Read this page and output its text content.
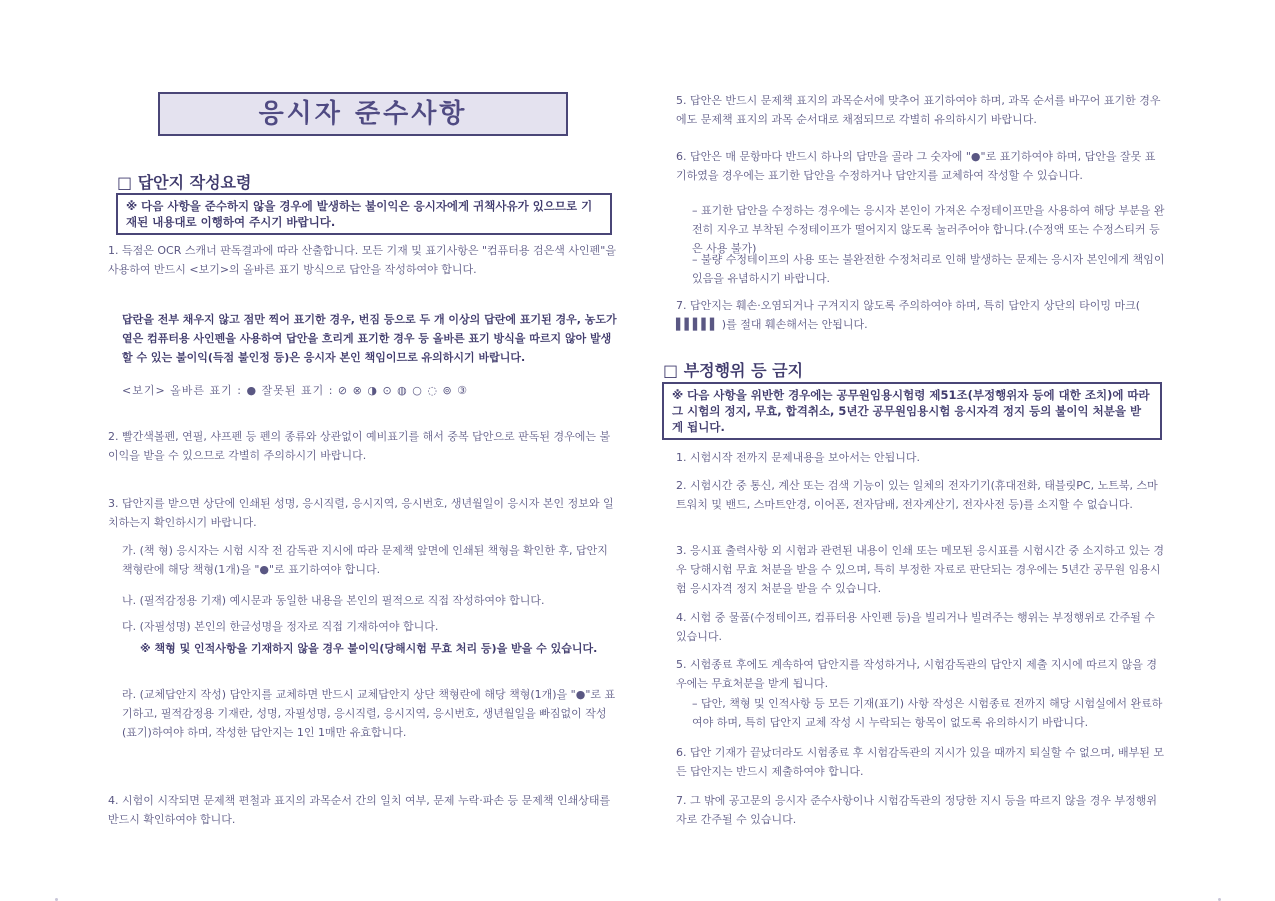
응시자 준수사항
□ 답안지 작성요령
※ 다음 사항을 준수하지 않을 경우에 발생하는 불이익은 응시자에게 귀책사유가 있으므로 기재된 내용대로 이행하여 주시기 바랍니다.
1. 득점은 OCR 스캐너 판독결과에 따라 산출합니다. 모든 기재 및 표기사항은 "컴퓨터용 검은색 사인펜"을 사용하여 반드시 <보기>의 올바른 표기 방식으로 답안을 작성하여야 합니다.
답란을 전부 채우지 않고 점만 찍어 표기한 경우, 번짐 등으로 두 개 이상의 답란에 표기된 경우, 농도가 옅은 컴퓨터용 사인펜을 사용하여 답안을 흐리게 표기한 경우 등 올바른 표기 방식을 따르지 않아 발생할 수 있는 불이익(득점 불인정 등)은 응시자 본인 책임이므로 유의하시기 바랍니다.
<보기> 올바른 표기 : ● 잘못된 표기 : ⊘ ⊗ ◑ ⊙ ◍ ○ ◌ ⊚ ③
2. 빨간색볼펜, 연필, 샤프펜 등 펜의 종류와 상관없이 예비표기를 해서 중복 답안으로 판독된 경우에는 불이익을 받을 수 있으므로 각별히 주의하시기 바랍니다.
3. 답안지를 받으면 상단에 인쇄된 성명, 응시직렬, 응시지역, 응시번호, 생년월일이 응시자 본인 정보와 일치하는지 확인하시기 바랍니다.
가. (책 형) 응시자는 시험 시작 전 감독관 지시에 따라 문제책 앞면에 인쇄된 책형을 확인한 후, 답안지 책형란에 해당 책형(1개)을 "●"로 표기하여야 합니다.
나. (필적감정용 기재) 예시문과 동일한 내용을 본인의 필적으로 직접 작성하여야 합니다.
다. (자필성명) 본인의 한글성명을 정자로 직접 기재하여야 합니다.
※ 책형 및 인적사항을 기재하지 않을 경우 불이익(당해시험 무효 처리 등)을 받을 수 있습니다.
라. (교체답안지 작성) 답안지를 교체하면 반드시 교체답안지 상단 책형란에 해당 책형(1개)을 "●"로 표기하고, 필적감정용 기재란, 성명, 자필성명, 응시직렬, 응시지역, 응시번호, 생년월일을 빠짐없이 작성(표기)하여야 하며, 작성한 답안지는 1인 1매만 유효합니다.
4. 시험이 시작되면 문제책 편철과 표지의 과목순서 간의 일치 여부, 문제 누락·파손 등 문제책 인쇄상태를 반드시 확인하여야 합니다.
5. 답안은 반드시 문제책 표지의 과목순서에 맞추어 표기하여야 하며, 과목 순서를 바꾸어 표기한 경우에도 문제책 표지의 과목 순서대로 채점되므로 각별히 유의하시기 바랍니다.
6. 답안은 매 문항마다 반드시 하나의 답만을 골라 그 숫자에 "●"로 표기하여야 하며, 답안을 잘못 표기하였을 경우에는 표기한 답안을 수정하거나 답안지를 교체하여 작성할 수 있습니다.
– 표기한 답안을 수정하는 경우에는 응시자 본인이 가져온 수정테이프만을 사용하여 해당 부분을 완전히 지우고 부착된 수정테이프가 떨어지지 않도록 눌러주어야 합니다.(수정액 또는 수정스티커 등은 사용 불가)
– 불량 수정테이프의 사용 또는 불완전한 수정처리로 인해 발생하는 문제는 응시자 본인에게 책임이 있음을 유념하시기 바랍니다.
7. 답안지는 훼손·오염되거나 구겨지지 않도록 주의하여야 하며, 특히 답안지 상단의 타이밍 마크( ▌▌▌▌▌ )를 절대 훼손해서는 안됩니다.
□ 부정행위 등 금지
※ 다음 사항을 위반한 경우에는 공무원임용시험령 제51조(부정행위자 등에 대한 조치)에 따라 그 시험의 정지, 무효, 합격취소, 5년간 공무원임용시험 응시자격 정지 등의 불이익 처분을 받게 됩니다.
1. 시험시작 전까지 문제내용을 보아서는 안됩니다.
2. 시험시간 중 통신, 계산 또는 검색 기능이 있는 일체의 전자기기(휴대전화, 태블릿PC, 노트북, 스마트워치 및 밴드, 스마트안경, 이어폰, 전자담배, 전자계산기, 전자사전 등)를 소지할 수 없습니다.
3. 응시표 출력사항 외 시험과 관련된 내용이 인쇄 또는 메모된 응시표를 시험시간 중 소지하고 있는 경우 당해시험 무효 처분을 받을 수 있으며, 특히 부정한 자료로 판단되는 경우에는 5년간 공무원 임용시험 응시자격 정지 처분을 받을 수 있습니다.
4. 시험 중 물품(수정테이프, 컴퓨터용 사인펜 등)을 빌리거나 빌려주는 행위는 부정행위로 간주될 수 있습니다.
5. 시험종료 후에도 계속하여 답안지를 작성하거나, 시험감독관의 답안지 제출 지시에 따르지 않을 경우에는 무효처분을 받게 됩니다.
– 답안, 책형 및 인적사항 등 모든 기재(표기) 사항 작성은 시험종료 전까지 해당 시험실에서 완료하여야 하며, 특히 답안지 교체 작성 시 누락되는 항목이 없도록 유의하시기 바랍니다.
6. 답안 기재가 끝났더라도 시험종료 후 시험감독관의 지시가 있을 때까지 퇴실할 수 없으며, 배부된 모든 답안지는 반드시 제출하여야 합니다.
7. 그 밖에 공고문의 응시자 준수사항이나 시험감독관의 정당한 지시 등을 따르지 않을 경우 부정행위자로 간주될 수 있습니다.
